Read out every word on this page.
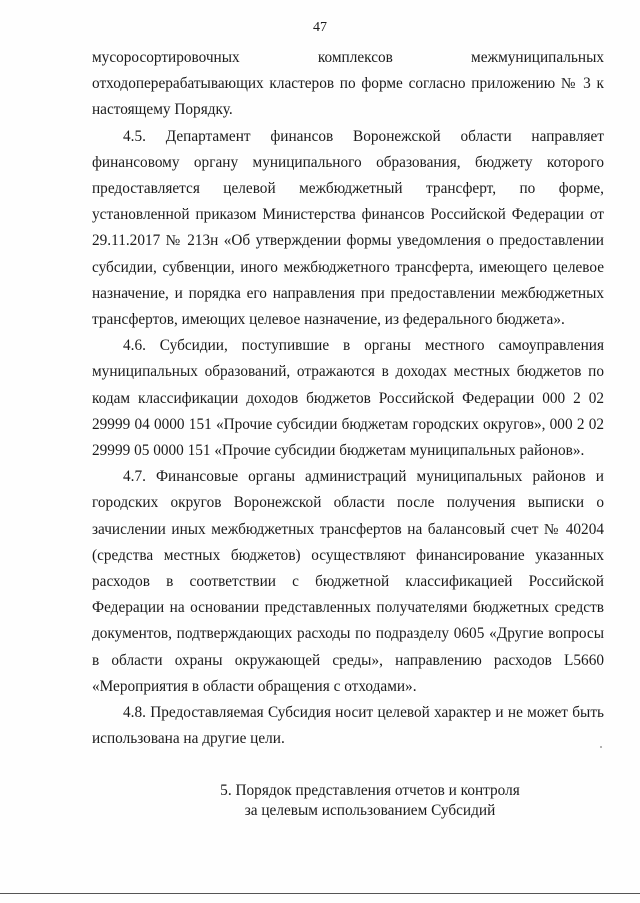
47

мусоросортировочных комплексов межмуниципальных отходоперерабатывающих кластеров по форме согласно приложению № 3 к настоящему Порядку.

4.5. Департамент финансов Воронежской области направляет финансовому органу муниципального образования, бюджету которого предоставляется целевой межбюджетный трансферт, по форме, установленной приказом Министерства финансов Российской Федерации от 29.11.2017 № 213н «Об утверждении формы уведомления о предоставлении субсидии, субвенции, иного межбюджетного трансферта, имеющего целевое назначение, и порядка его направления при предоставлении межбюджетных трансфертов, имеющих целевое назначение, из федерального бюджета».

4.6. Субсидии, поступившие в органы местного самоуправления муниципальных образований, отражаются в доходах местных бюджетов по кодам классификации доходов бюджетов Российской Федерации 000 2 02 29999 04 0000 151 «Прочие субсидии бюджетам городских округов», 000 2 02 29999 05 0000 151 «Прочие субсидии бюджетам муниципальных районов».

4.7. Финансовые органы администраций муниципальных районов и городских округов Воронежской области после получения выписки о зачислении иных межбюджетных трансфертов на балансовый счет № 40204 (средства местных бюджетов) осуществляют финансирование указанных расходов в соответствии с бюджетной классификацией Российской Федерации на основании представленных получателями бюджетных средств документов, подтверждающих расходы по подразделу 0605 «Другие вопросы в области охраны окружающей среды», направлению расходов L5660 «Мероприятия в области обращения с отходами».

4.8. Предоставляемая Субсидия носит целевой характер и не может быть использована на другие цели.

5. Порядок представления отчетов и контроля
за целевым использованием Субсидий
